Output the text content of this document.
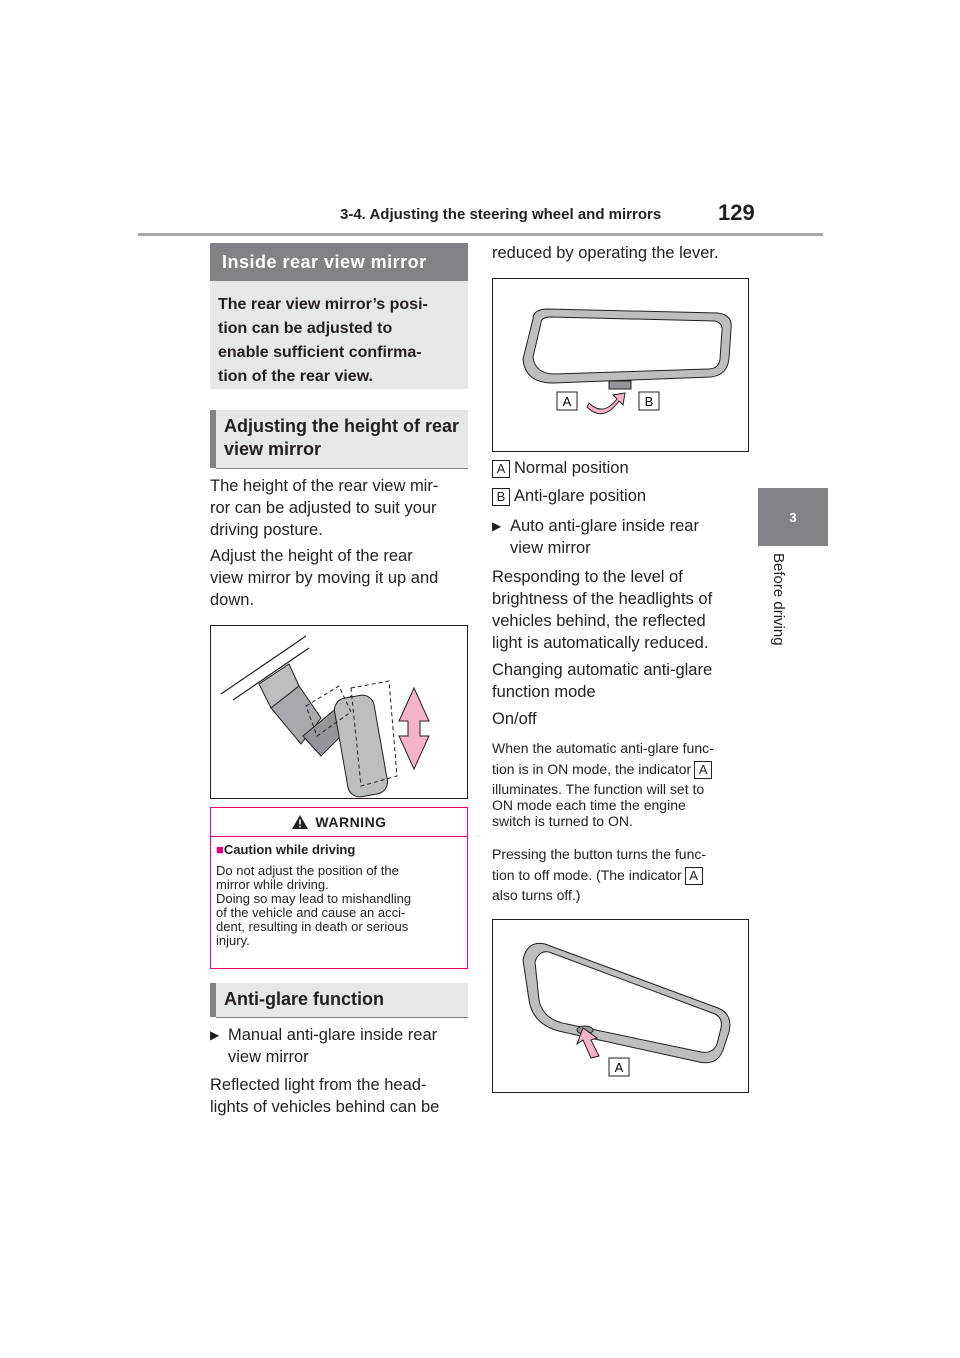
3-4. Adjusting the steering wheel and mirrors	129
3
Before driving
Inside rear view mirror
The rear view mirror’s posi-
tion can be adjusted to
enable sufficient confirma-
tion of the rear view.
Adjusting the height of rear view mirror
The height of the rear view mir-
ror can be adjusted to suit your
driving posture.
Adjust the height of the rear
view mirror by moving it up and
down.
WARNING
■Caution while driving
Do not adjust the position of the
mirror while driving.
Doing so may lead to mishandling
of the vehicle and cause an acci-
dent, resulting in death or serious
injury.
Anti-glare function
▶ Manual anti-glare inside rear
view mirror
Reflected light from the head-
lights of vehicles behind can be
reduced by operating the lever.
A	B
A Normal position
B Anti-glare position
▶ Auto anti-glare inside rear
view mirror
Responding to the level of
brightness of the headlights of
vehicles behind, the reflected
light is automatically reduced.
Changing automatic anti-glare
function mode
On/off
When the automatic anti-glare func-
tion is in ON mode, the indicator A
illuminates. The function will set to
ON mode each time the engine
switch is turned to ON.
Pressing the button turns the func-
tion to off mode. (The indicator A
also turns off.)
A
